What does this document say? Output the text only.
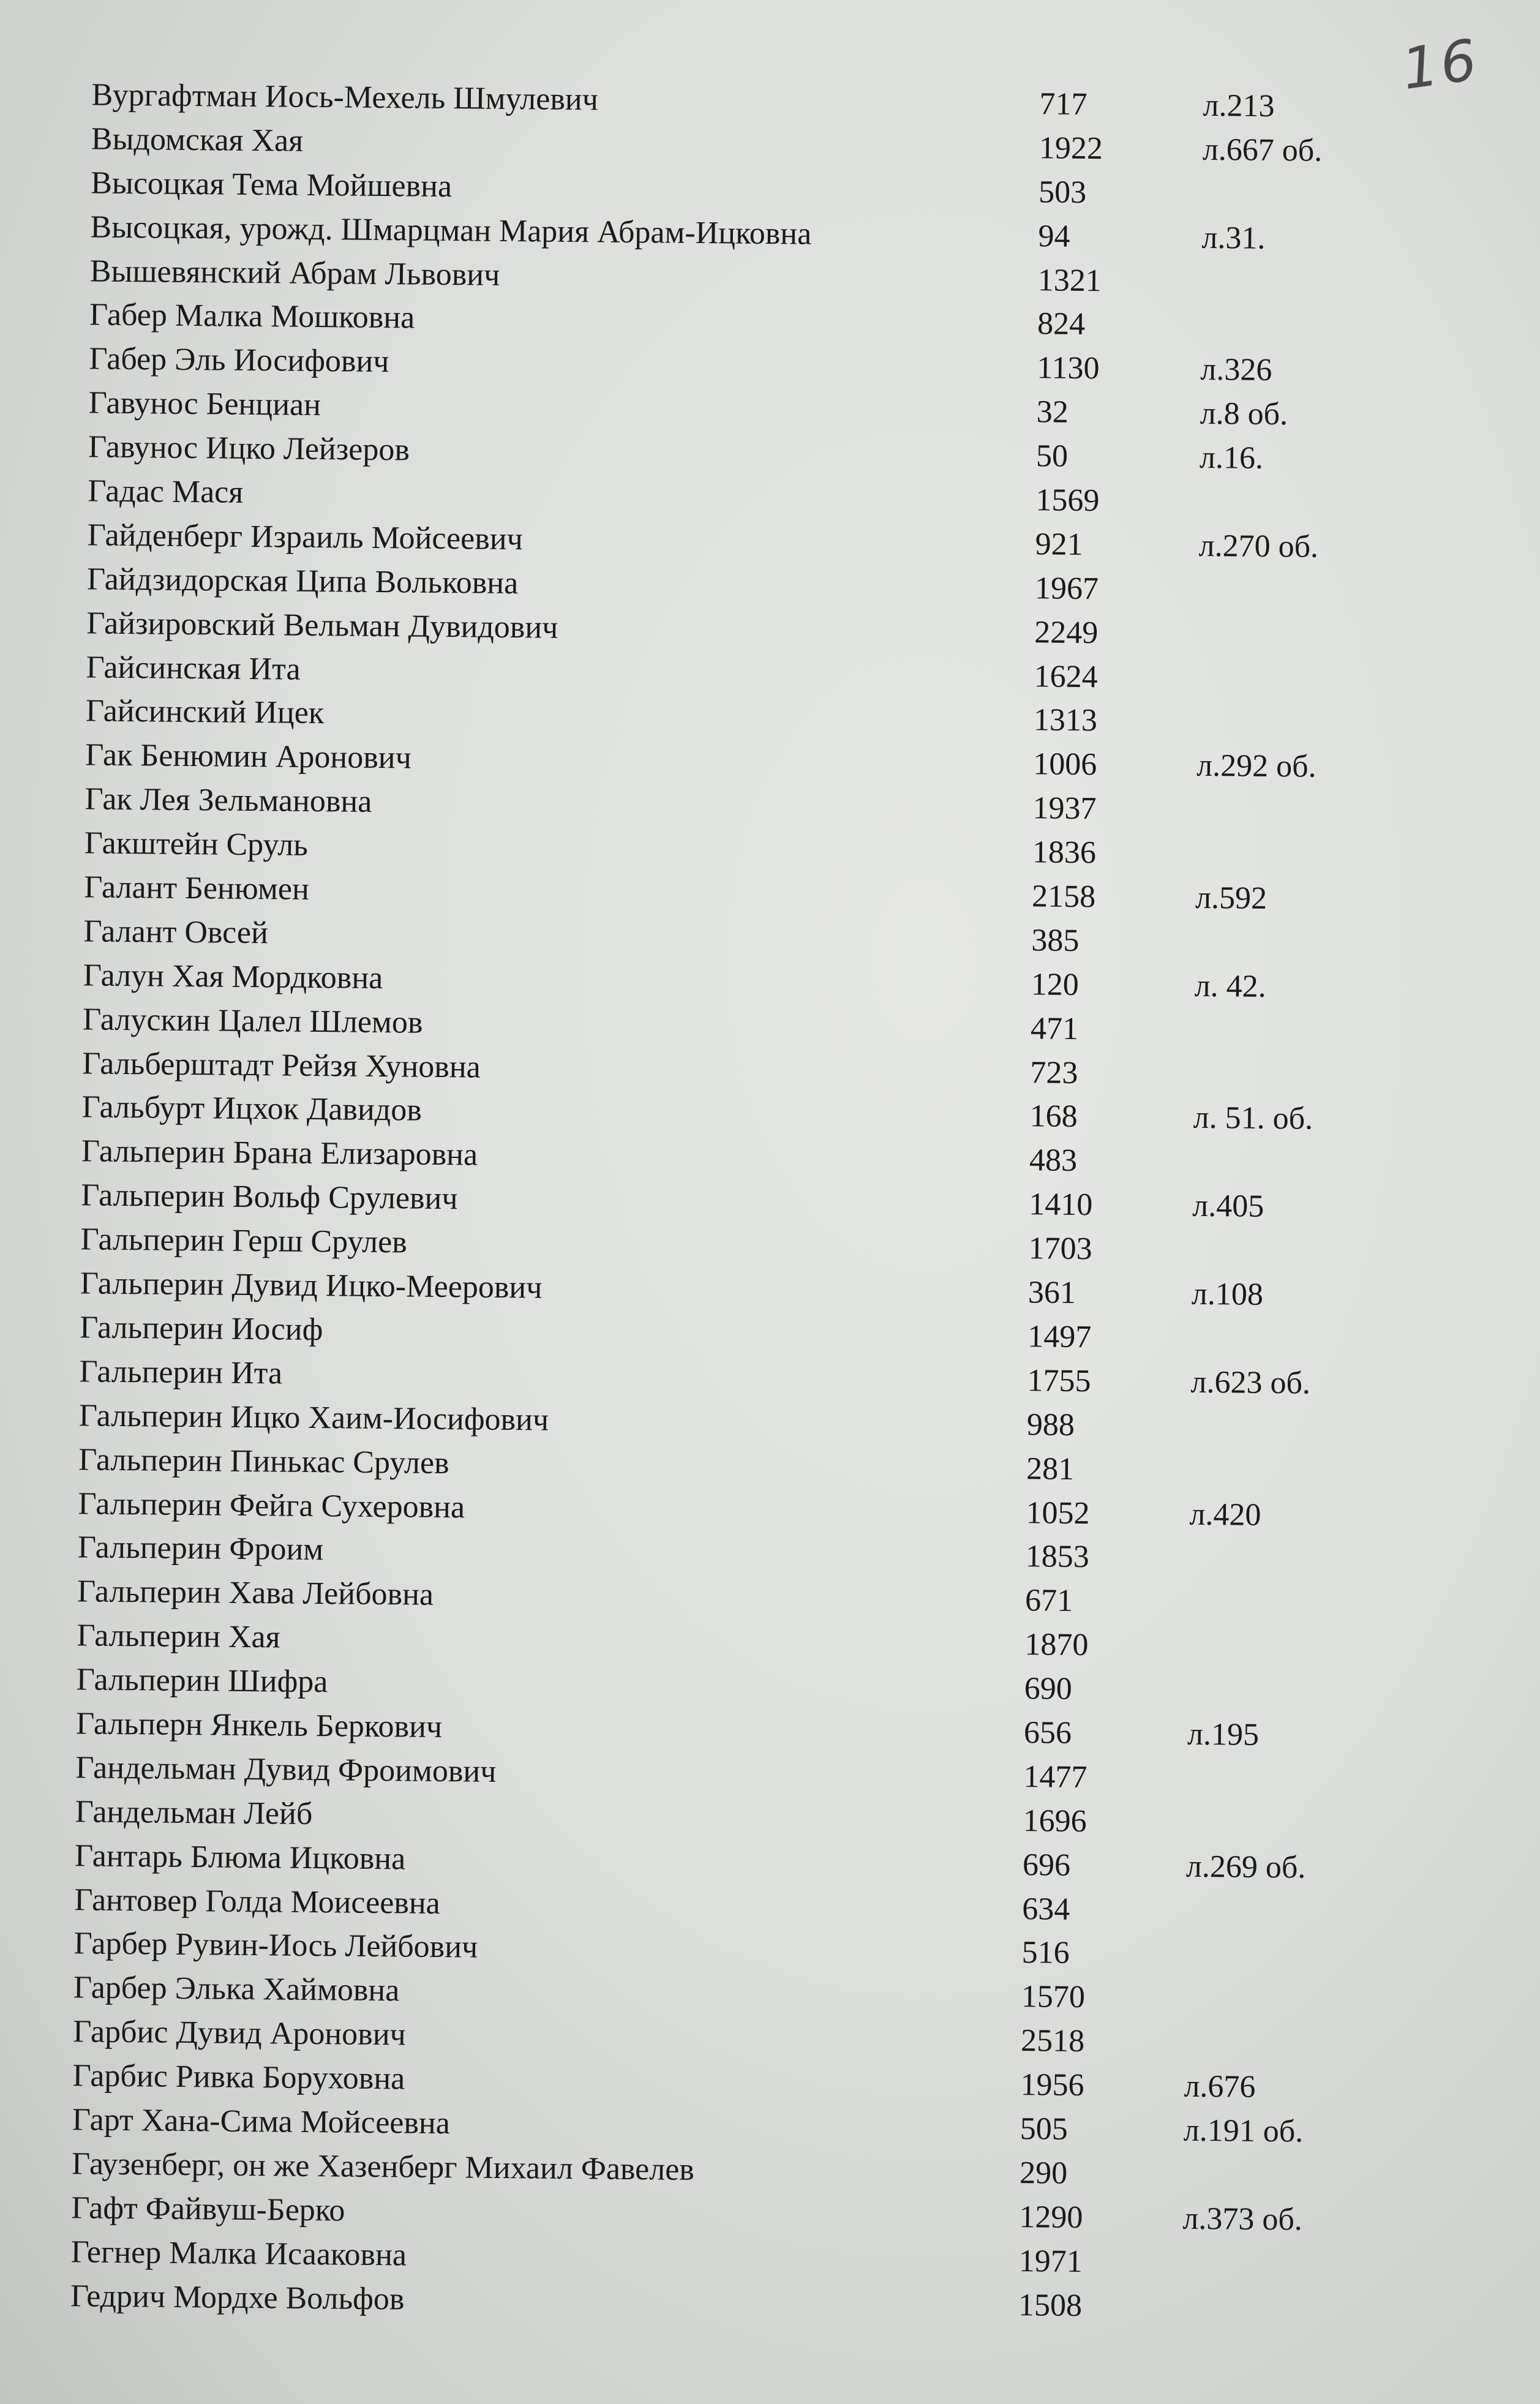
16
Вургафтман Иось-Мехель Шмулевич	717	л.213
Выдомская Хая	1922	л.667 об.
Высоцкая Тема Мойшевна	503
Высоцкая, урожд. Шмарцман Мария Абрам-Ицковна	94	л.31.
Вышевянский Абрам Львович	1321
Габер Малка Мошковна	824
Габер Эль Иосифович	1130	л.326
Гавунос Бенциан	32	л.8 об.
Гавунос Ицко Лейзеров	50	л.16.
Гадас Мася	1569
Гайденберг Израиль Мойсеевич	921	л.270 об.
Гайдзидорская Ципа Вольковна	1967
Гайзировский Вельман Дувидович	2249
Гайсинская Ита	1624
Гайсинский Ицек	1313
Гак Бенюмин Аронович	1006	л.292 об.
Гак Лея Зельмановна	1937
Гакштейн Сруль	1836
Галант Бенюмен	2158	л.592
Галант Овсей	385
Галун Хая Мордковна	120	л. 42.
Галускин Цалел Шлемов	471
Гальберштадт Рейзя Хуновна	723
Гальбурт Ицхок Давидов	168	л. 51. об.
Гальперин Брана Елизаровна	483
Гальперин Вольф Срулевич	1410	л.405
Гальперин Герш Срулев	1703
Гальперин Дувид Ицко-Меерович	361	л.108
Гальперин Иосиф	1497
Гальперин Ита	1755	л.623 об.
Гальперин Ицко Хаим-Иосифович	988
Гальперин Пинькас Срулев	281
Гальперин Фейга Сухеровна	1052	л.420
Гальперин Фроим	1853
Гальперин Хава Лейбовна	671
Гальперин Хая	1870
Гальперин Шифра	690
Гальперн Янкель Беркович	656	л.195
Гандельман Дувид Фроимович	1477
Гандельман Лейб	1696
Гантарь Блюма Ицковна	696	л.269 об.
Гантовер Голда Моисеевна	634
Гарбер Рувин-Иось Лейбович	516
Гарбер Элька Хаймовна	1570
Гарбис Дувид Аронович	2518
Гарбис Ривка Боруховна	1956	л.676
Гарт Хана-Сима Мойсеевна	505	л.191 об.
Гаузенберг, он же Хазенберг Михаил Фавелев	290
Гафт Файвуш-Берко	1290	л.373 об.
Гегнер Малка Исааковна	1971
Гедрич Мордхе Вольфов	1508
